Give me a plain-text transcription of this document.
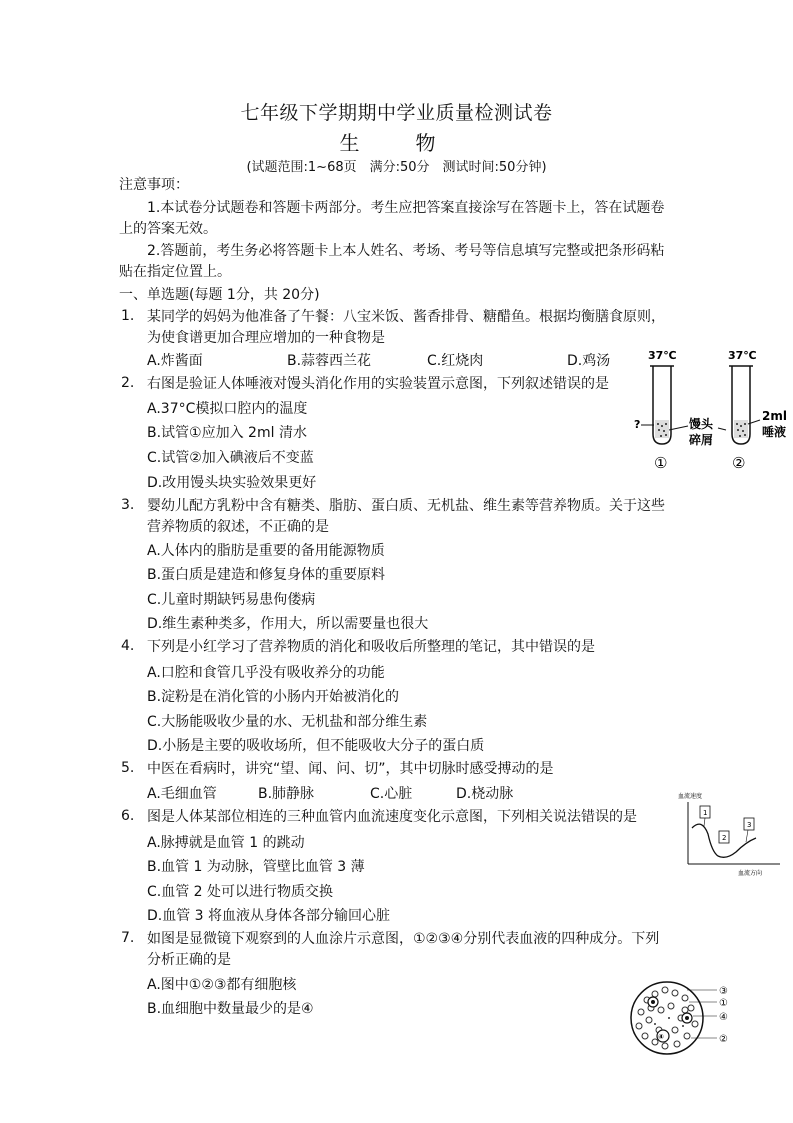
七年级下学期期中学业质量检测试卷
生　物
(试题范围:1~68页　满分:50分　测试时间:50分钟)
注意事项：
1.本试卷分试题卷和答题卡两部分。考生应把答案直接涂写在答题卡上，答在试题卷
上的答案无效。
2.答题前，考生务必将答题卡上本人姓名、考场、考号等信息填写完整或把条形码粘
贴在指定位置上。
一、单选题(每题 1分，共 20分)
1. 某同学的妈妈为他准备了午餐：八宝米饭、酱香排骨、糖醋鱼。根据均衡膳食原则，
为使食谱更加合理应增加的一种食物是
A.炸酱面	B.蒜蓉西兰花	C.红烧肉	D.鸡汤
2. 右图是验证人体唾液对馒头消化作用的实验装置示意图，下列叙述错误的是
A.37°C模拟口腔内的温度
B.试管①应加入 2ml 清水
C.试管②加入碘液后不变蓝
D.改用馒头块实验效果更好
37℃	37℃
?	馒头
碎屑
2ml
唾液
①	②
3. 婴幼儿配方乳粉中含有糖类、脂肪、蛋白质、无机盐、维生素等营养物质。关于这些
营养物质的叙述，不正确的是
A.人体内的脂肪是重要的备用能源物质
B.蛋白质是建造和修复身体的重要原料
C.儿童时期缺钙易患佝偻病
D.维生素种类多，作用大，所以需要量也很大
4. 下列是小红学习了营养物质的消化和吸收后所整理的笔记，其中错误的是
A.口腔和食管几乎没有吸收养分的功能
B.淀粉是在消化管的小肠内开始被消化的
C.大肠能吸收少量的水、无机盐和部分维生素
D.小肠是主要的吸收场所，但不能吸收大分子的蛋白质
5. 中医在看病时，讲究“望、闻、问、切”，其中切脉时感受搏动的是
A.毛细血管	B.肺静脉	C.心脏	D.桡动脉
6. 图是人体某部位相连的三种血管内血流速度变化示意图，下列相关说法错误的是
A.脉搏就是血管 1 的跳动
B.血管 1 为动脉，管壁比血管 3 薄
C.血管 2 处可以进行物质交换
D.血管 3 将血液从身体各部分输回心脏
血流速度
血流方向
1
2
3
7. 如图是显微镜下观察到的人血涂片示意图，①②③④分别代表血液的四种成分。下列
分析正确的是
A.图中①②③都有细胞核
B.血细胞中数量最少的是④
④
③
①
④
②
